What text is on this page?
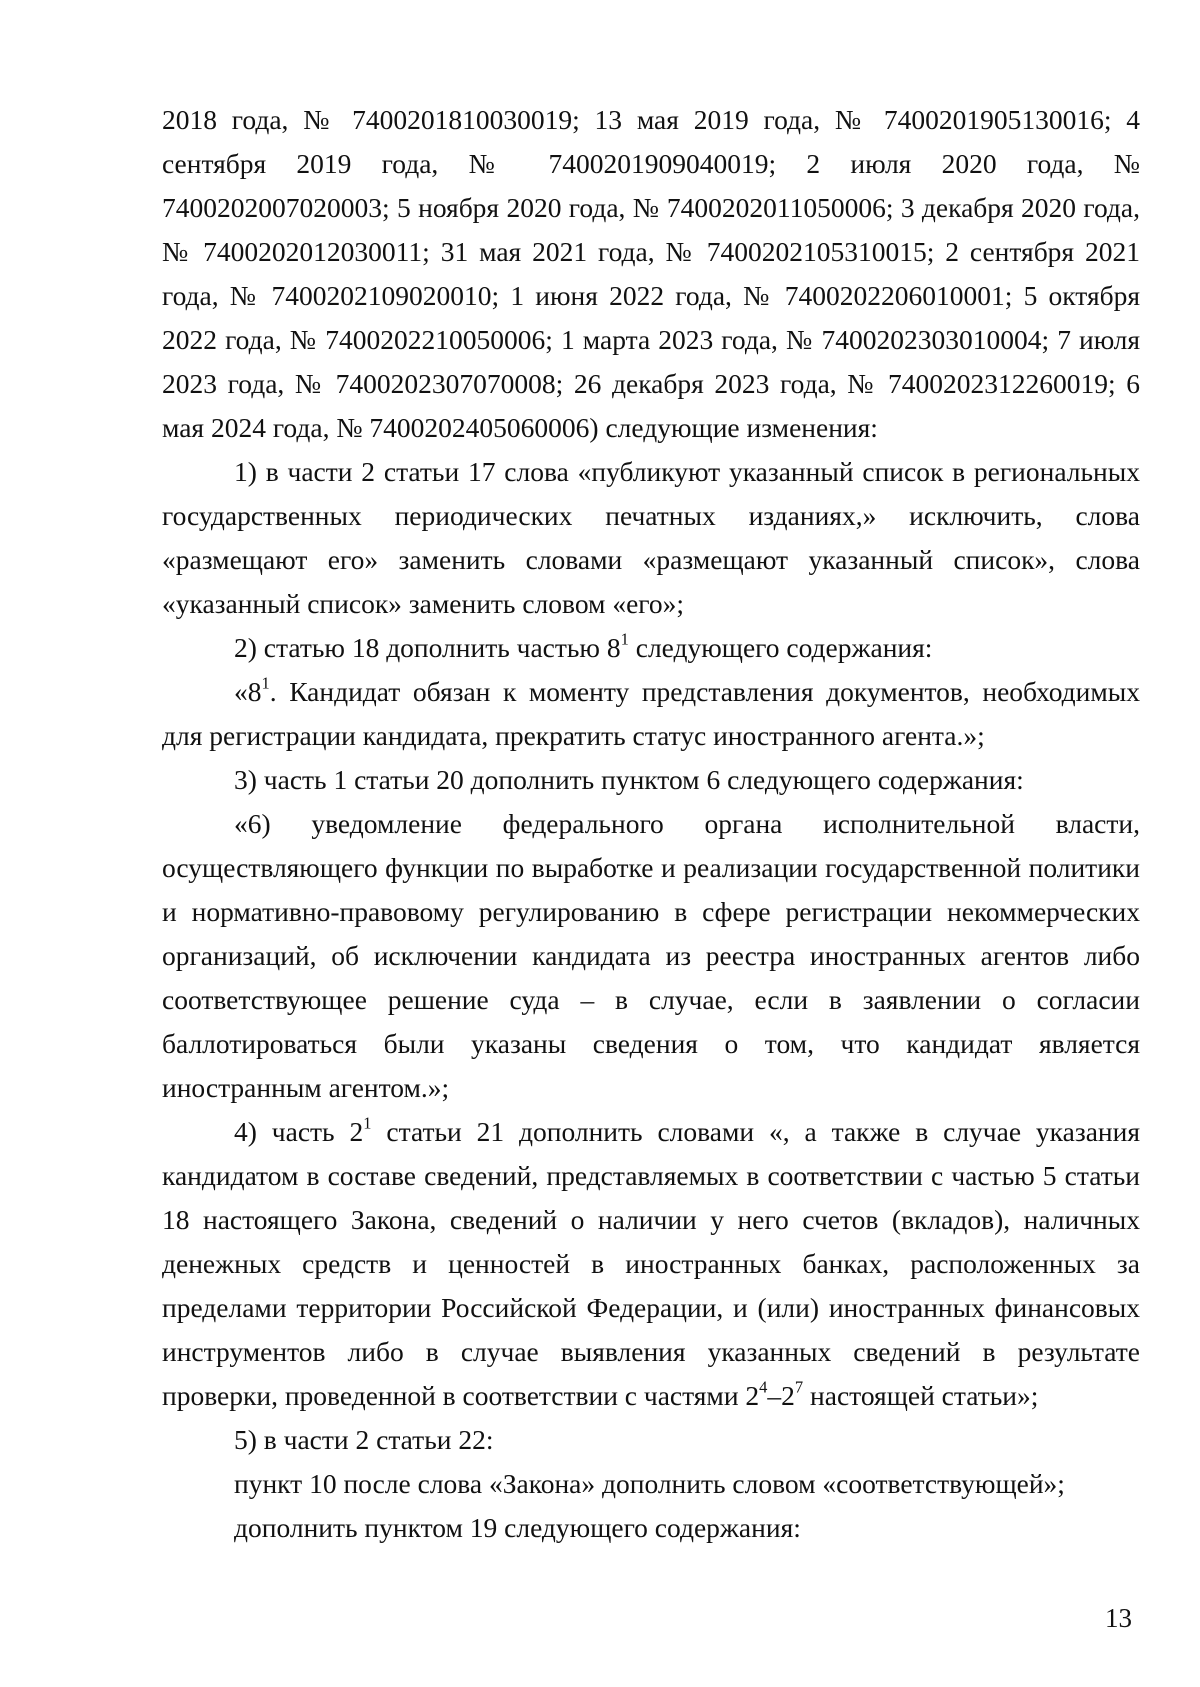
2018 года, № 7400201810030019; 13 мая 2019 года, № 7400201905130016; 4 сентября 2019 года, № 7400201909040019; 2 июля 2020 года, № 7400202007020003; 5 ноября 2020 года, № 7400202011050006; 3 декабря 2020 года, № 7400202012030011; 31 мая 2021 года, № 7400202105310015; 2 сентября 2021 года, № 7400202109020010; 1 июня 2022 года, № 7400202206010001; 5 октября 2022 года, № 7400202210050006; 1 марта 2023 года, № 7400202303010004; 7 июля 2023 года, № 7400202307070008; 26 декабря 2023 года, № 7400202312260019; 6 мая 2024 года, № 7400202405060006) следующие изменения:

1) в части 2 статьи 17 слова «публикуют указанный список в региональных государственных периодических печатных изданиях,» исключить, слова «размещают его» заменить словами «размещают указанный список», слова «указанный список» заменить словом «его»;

2) статью 18 дополнить частью $8^1$ следующего содержания:

«$8^1$. Кандидат обязан к моменту представления документов, необходимых для регистрации кандидата, прекратить статус иностранного агента.»;

3) часть 1 статьи 20 дополнить пунктом 6 следующего содержания:

«6) уведомление федерального органа исполнительной власти, осуществляющего функции по выработке и реализации государственной политики и нормативно-правовому регулированию в сфере регистрации некоммерческих организаций, об исключении кандидата из реестра иностранных агентов либо соответствующее решение суда – в случае, если в заявлении о согласии баллотироваться были указаны сведения о том, что кандидат является иностранным агентом.»;

4) часть $2^1$ статьи 21 дополнить словами «, а также в случае указания кандидатом в составе сведений, представляемых в соответствии с частью 5 статьи 18 настоящего Закона, сведений о наличии у него счетов (вкладов), наличных денежных средств и ценностей в иностранных банках, расположенных за пределами территории Российской Федерации, и (или) иностранных финансовых инструментов либо в случае выявления указанных сведений в результате проверки, проведенной в соответствии с частями $2^4-2^7$ настоящей статьи»;

5) в части 2 статьи 22:

пункт 10 после слова «Закона» дополнить словом «соответствующей»;

дополнить пунктом 19 следующего содержания:

13
